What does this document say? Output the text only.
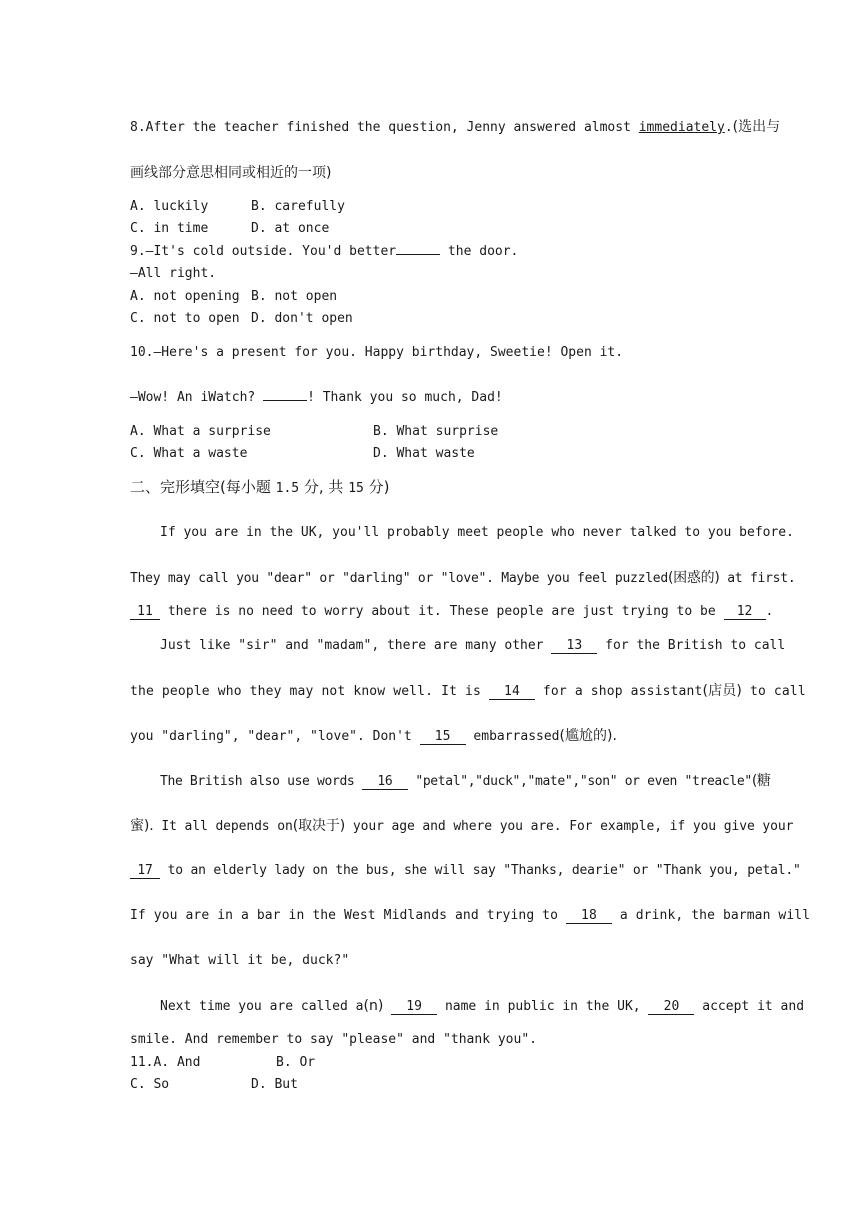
8.After the teacher finished the question, Jenny answered almost immediately.(选出与
画线部分意思相同或相近的一项)
A. luckily	B. carefully
C. in time	D. at once
9.—It's cold outside. You'd better	the door.
—All right.
A. not opening B. not open
C. not to open D. don't open
10.—Here's a present for you. Happy birthday, Sweetie! Open it.
—Wow! An iWatch?	! Thank you so much, Dad!
A. What a surprise	B. What surprise
C. What a waste	D. What waste
二、完形填空(每小题 1.5 分, 共 15 分)
If you are in the UK, you'll probably meet people who never talked to you before.
They may call you "dear" or "darling" or "love". Maybe you feel puzzled(困惑的) at first.
11 there is no need to worry about it. These people are just trying to be 12 .
Just like "sir" and "madam", there are many other 13 for the British to call
the people who they may not know well. It is 14 for a shop assistant(店员) to call
you "darling", "dear", "love". Don't 15 embarrassed(尴尬的).
The British also use words 16 "petal","duck","mate","son" or even "treacle"(糖
蜜). It all depends on(取决于) your age and where you are. For example, if you give your
17 to an elderly lady on the bus, she will say "Thanks, dearie" or "Thank you, petal."
If you are in a bar in the West Midlands and trying to 18 a drink, the barman will
say "What will it be, duck?"
Next time you are called a(n) 19 name in public in the UK, 20 accept it and
smile. And remember to say "please" and "thank you".
11.A. And	B. Or
C. So	D. But
